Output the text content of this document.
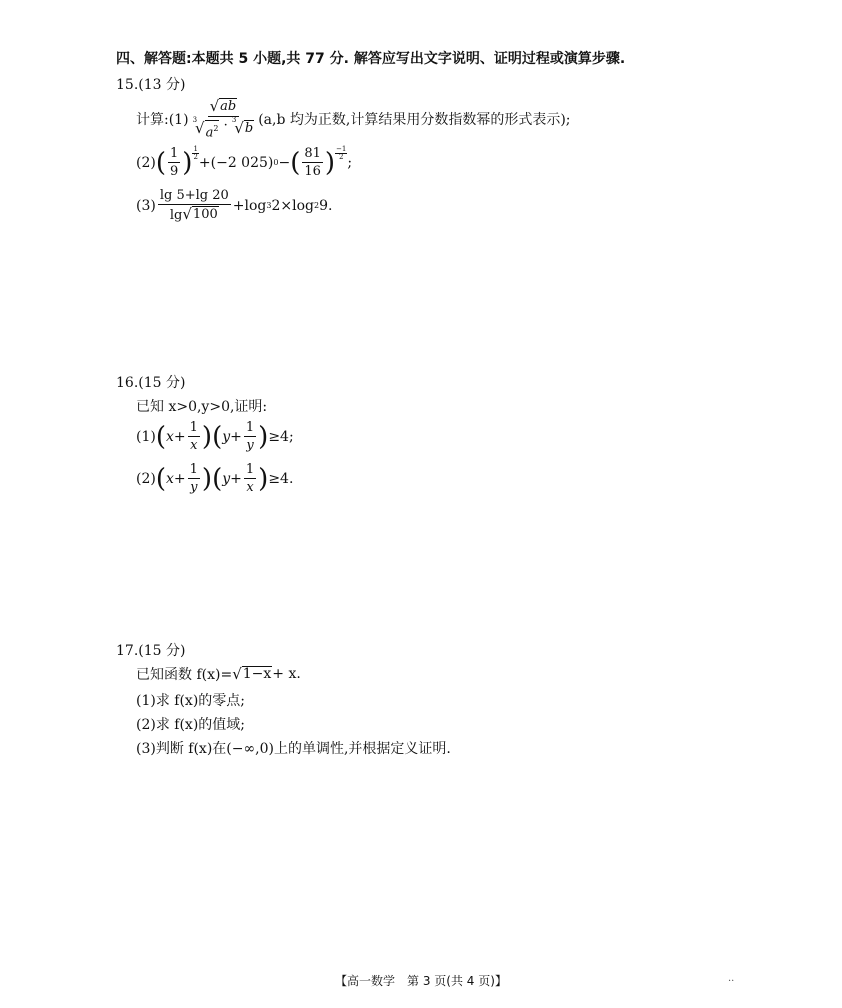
四、解答题:本题共 5 小题,共 77 分. 解答应写出文字说明、证明过程或演算步骤.
15.(13 分)
计算:(1) √ ab
3
√ $a^2 \cdot 3$
√ b (a,b 均为正数,计算结果用分数指数幂的形式表示);
(2) ( $\frac{1}{9}$ ) $\frac{1}{2}$
+(−2 025) 0 − ( $\frac{81}{16}$ ) $\frac{-1}{2}$
;
$(3) \frac{\lg 5+\lg 20}{\lg √ 100} +\log$ 3 2×log 2 9.
16.(15 分)
已知 x>0,y>0,证明:
(1) ( $x + \frac{1}{x}$ ) ( $y + \frac{1}{y}$ ) ≥4;
(2) ( $x + \frac{1}{y}$ ) ( $y + \frac{1}{x}$ ) ≥4.
17.(15 分)
已知函数 f(x)= √ 1−x + x.
(1)求 f(x)的零点;
(2)求 f(x)的值域;
(3)判断 f(x)在(−∞,0)上的单调性,并根据定义证明.
【高一数学　第 3 页(共 4 页)】	··
